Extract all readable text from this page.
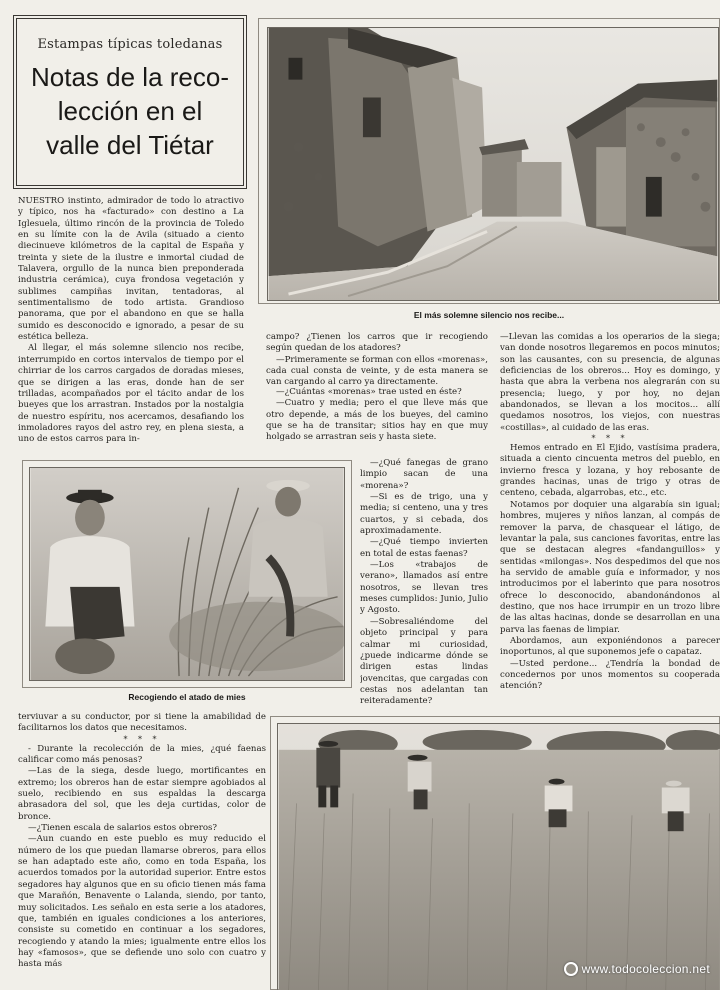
Estampas típicas toledanas
Notas de la reco-
lección en el
valle del Tiétar
El más solemne silencio nos recibe...

NUESTRO instinto, admirador de todo lo atractivo y típico, nos ha «facturado» con destino a La Iglesuela, último rincón de la provincia de Toledo en su límite con la de Avila (situado a ciento diecinueve kilómetros de la capital de España y treinta y siete de la ilustre e inmortal ciudad de Talavera, orgullo de la nunca bien preponderada industria cerámica), cuya frondosa vegetación y sublimes campiñas invitan, tentadoras, al sentimentalismo de todo artista. Grandioso panorama, que por el abandono en que se halla sumido es desconocido e ignorado, a pesar de su estética belleza.

Al llegar, el más solemne silencio nos recibe, interrumpido en cortos intervalos de tiempo por el chirriar de los carros cargados de doradas mieses, que se dirigen a las eras, donde han de ser trilladas, acompañados por el tácito andar de los bueyes que los arrastran. Instados por la nostalgia de nuestro espíritu, nos acercamos, desafiando los inmoladores rayos del astro rey, en plena siesta, a uno de estos carros para in-

Recogiendo el atado de mies

campo? ¿Tienen los carros que ir recogiendo según quedan de los atadores?

—Primeramente se forman con ellos «morenas», cada cual consta de veinte, y de esta manera se van cargando al carro ya directamente.

—¿Cuántas «morenas» trae usted en éste?

—Cuatro y media; pero el que lleve más que otro depende, a más de los bueyes, del camino que se ha de transitar; sitios hay en que muy holgado se arrastran seis y hasta siete.

—¿Qué fanegas de grano limpio sacan de una «morena»?

—Si es de trigo, una y media; si centeno, una y tres cuartos, y si cebada, dos aproximadamente.

—¿Qué tiempo invierten en total de estas faenas?

—Los «trabajos de verano», llamados así entre nosotros, se llevan tres meses cumplidos: Junio, Julio y Agosto.

—Sobresaliéndome del objeto principal y para calmar mi curiosidad, ¿puede indicarme dónde se dirigen estas lindas jovencitas, que cargadas con cestas nos adelantan tan reiteradamente?

—Llevan las comidas a los operarios de la siega; van donde nosotros llegaremos en pocos minutos; son las causantes, con su presencia, de algunas deficiencias de los obreros... Hoy es domingo, y hasta que abra la verbena nos alegrarán con su presencia; luego, y por hoy, no dejan abandonados, se llevan a los mocitos... allí quedamos nosotros, los viejos, con nuestras «costillas», al cuidado de las eras.

* * *

Hemos entrado en El Ejido, vastísima pradera, situada a ciento cincuenta metros del pueblo, en invierno fresca y lozana, y hoy rebosante de grandes hacinas, unas de trigo y otras de centeno, cebada, algarrobas, etc., etc.

Notamos por doquier una algarabía sin igual; hombres, mujeres y niños lanzan, al compás de remover la parva, de chasquear el látigo, de levantar la pala, sus canciones favoritas, entre las que se destacan alegres «fandanguillos» y sentidas «milongas». Nos despedimos del que nos ha servido de amable guía e informador, y nos introducimos por el laberinto que para nosotros ofrece lo desconocido, abandonándonos al destino, que nos hace irrumpir en un trozo libre de las altas hacinas, donde se desarrollan en una parva las faenas de limpiar.

Abordamos, aun exponiéndonos a parecer inoportunos, al que suponemos jefe o capataz.

—Usted perdone... ¿Tendría la bondad de concedernos por unos momentos su cooperada atención?

terviuvar a su conductor, por si tiene la amabilidad de facilitarnos los datos que necesitamos.

* * *

- Durante la recolección de la mies, ¿qué faenas calificar como más penosas?

—Las de la siega, desde luego, mortificantes en extremo; los obreros han de estar siempre agobiados al suelo, recibiendo en sus espaldas la descarga abrasadora del sol, que les deja curtidas, color de bronce.

—¿Tienen escala de salarios estos obreros?

—Aun cuando en este pueblo es muy reducido el número de los que puedan llamarse obreros, para ellos se han adaptado este año, como en toda España, los acuerdos tomados por la autoridad superior. Entre estos segadores hay algunos que en su oficio tienen más fama que Marañón, Benavente o Lalanda, siendo, por tanto, muy solicitados. Les señalo en esta serie a los atadores, que, también en iguales condiciones a los anteriores, consiste su cometido en continuar a los segadores, recogiendo y atando la mies; igualmente entre ellos los hay «famosos», que se defiende uno solo con cuatro y hasta más	www.todocoleccion.net
